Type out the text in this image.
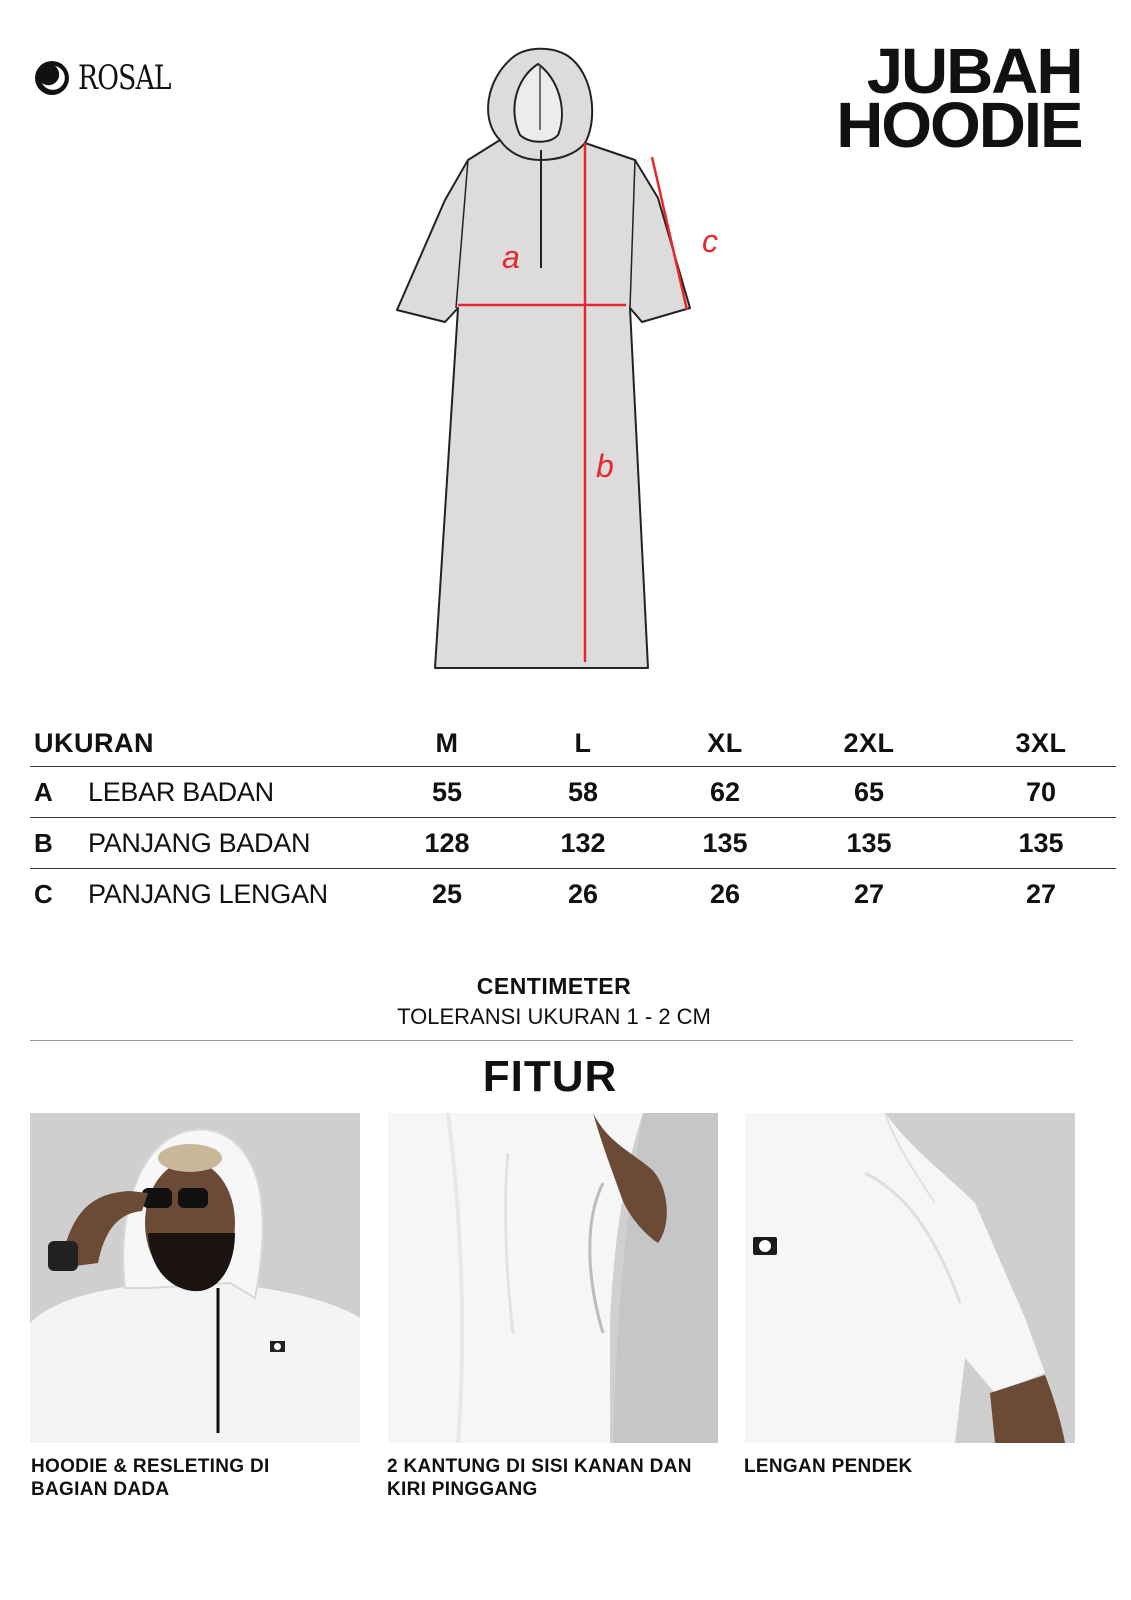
ROSAL	JUBAH
HOODIE
a
b
c
UKURAN	M	L	XL	2XL	3XL
A LEBAR BADAN	55	58	62	65	70
B PANJANG BADAN	128	132	135	135	135
C PANJANG LENGAN	25	26	26	27	27
CENTIMETER
TOLERANSI UKURAN 1 - 2 CM
FITUR
HOODIE & RESLETING DI BAGIAN DADA
2 KANTUNG DI SISI KANAN DAN KIRI PINGGANG
LENGAN PENDEK
